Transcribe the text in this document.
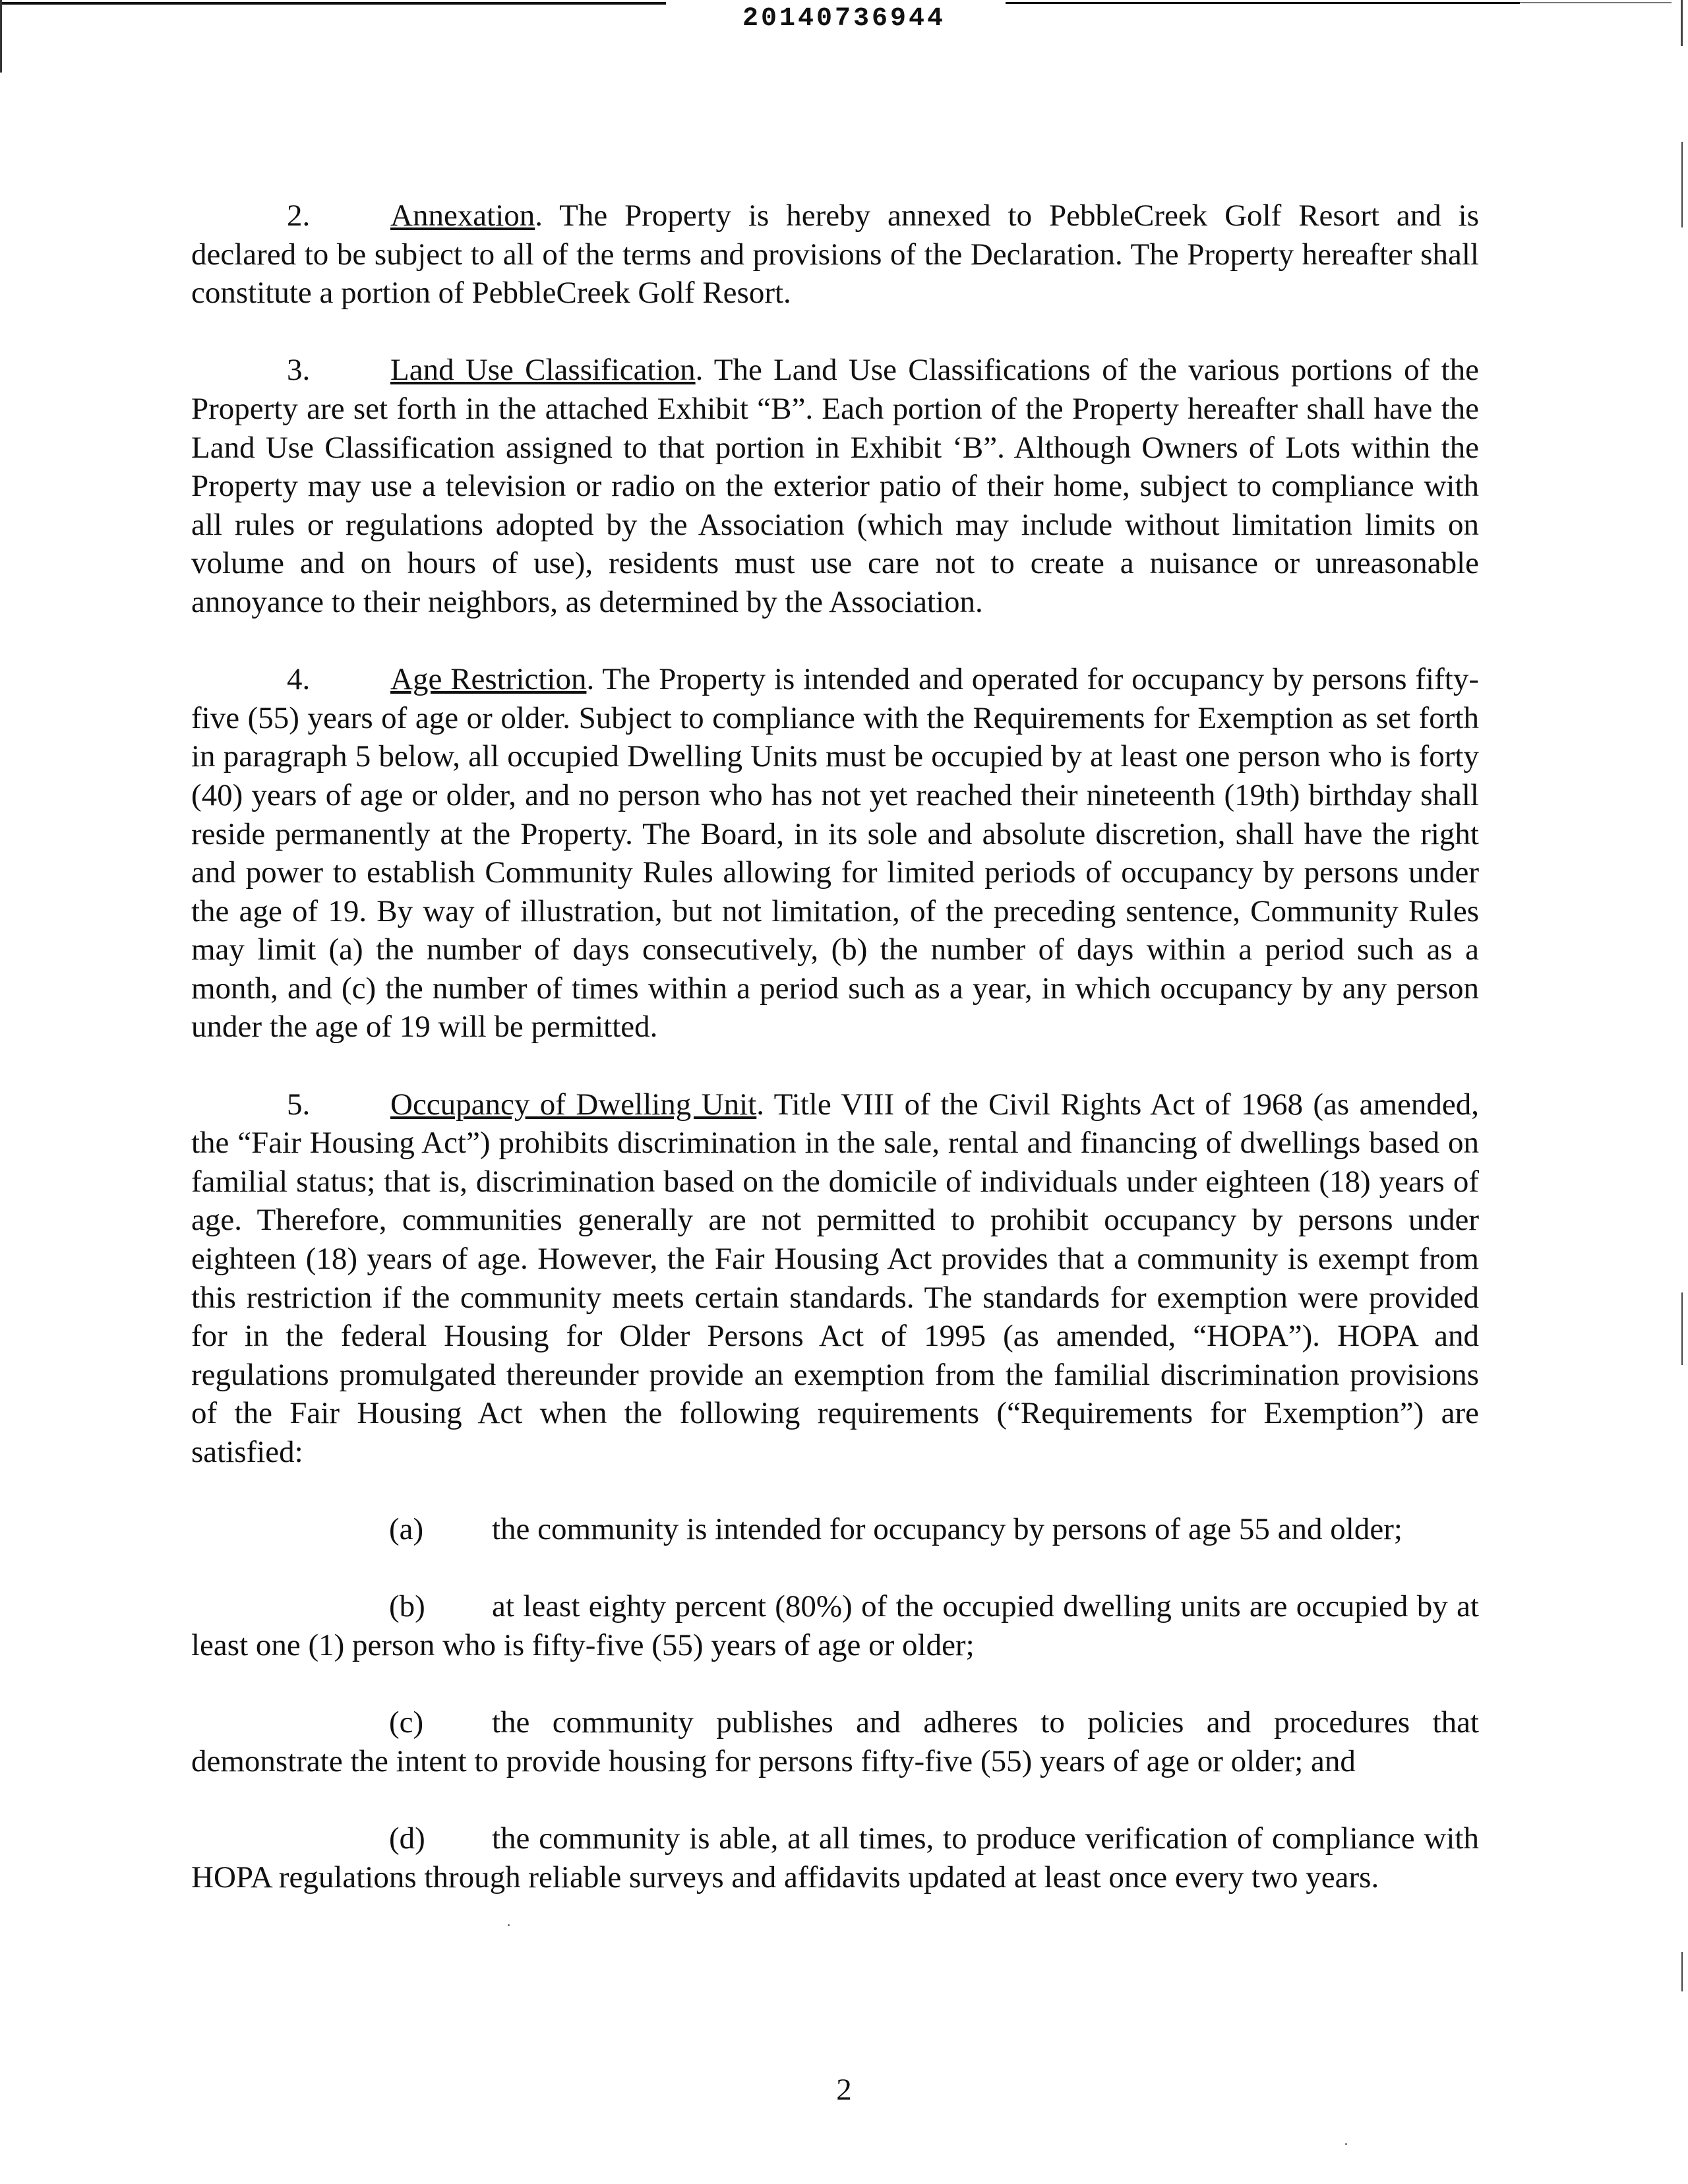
20140736944

2.	Annexation. The Property is hereby annexed to PebbleCreek Golf Resort and is declared to be subject to all of the terms and provisions of the Declaration. The Property hereafter shall constitute a portion of PebbleCreek Golf Resort.

3.	Land Use Classification. The Land Use Classifications of the various portions of the Property are set forth in the attached Exhibit “B”. Each portion of the Property hereafter shall have the Land Use Classification assigned to that portion in Exhibit ‘B”. Although Owners of Lots within the Property may use a television or radio on the exterior patio of their home, subject to compliance with all rules or regulations adopted by the Association (which may include without limitation limits on volume and on hours of use), residents must use care not to create a nuisance or unreasonable annoyance to their neighbors, as determined by the Association.

4.	Age Restriction. The Property is intended and operated for occupancy by persons fifty-five (55) years of age or older. Subject to compliance with the Requirements for Exemption as set forth in paragraph 5 below, all occupied Dwelling Units must be occupied by at least one person who is forty (40) years of age or older, and no person who has not yet reached their nineteenth (19th) birthday shall reside permanently at the Property. The Board, in its sole and absolute discretion, shall have the right and power to establish Community Rules allowing for limited periods of occupancy by persons under the age of 19. By way of illustration, but not limitation, of the preceding sentence, Community Rules may limit (a) the number of days consecutively, (b) the number of days within a period such as a month, and (c) the number of times within a period such as a year, in which occupancy by any person under the age of 19 will be permitted.

5.	Occupancy of Dwelling Unit. Title VIII of the Civil Rights Act of 1968 (as amended, the “Fair Housing Act”) prohibits discrimination in the sale, rental and financing of dwellings based on familial status; that is, discrimination based on the domicile of individuals under eighteen (18) years of age. Therefore, communities generally are not permitted to prohibit occupancy by persons under eighteen (18) years of age. However, the Fair Housing Act provides that a community is exempt from this restriction if the community meets certain standards. The standards for exemption were provided for in the federal Housing for Older Persons Act of 1995 (as amended, “HOPA”). HOPA and regulations promulgated thereunder provide an exemption from the familial discrimination provisions of the Fair Housing Act when the following requirements (“Requirements for Exemption”) are satisfied:

(a) the community is intended for occupancy by persons of age 55 and older;
(b) at least eighty percent (80%) of the occupied dwelling units are occupied by at least one (1) person who is fifty-five (55) years of age or older;
(c) the community publishes and adheres to policies and procedures that demonstrate the intent to provide housing for persons fifty-five (55) years of age or older; and
(d) the community is able, at all times, to produce verification of compliance with HOPA regulations through reliable surveys and affidavits updated at least once every two years.
2
